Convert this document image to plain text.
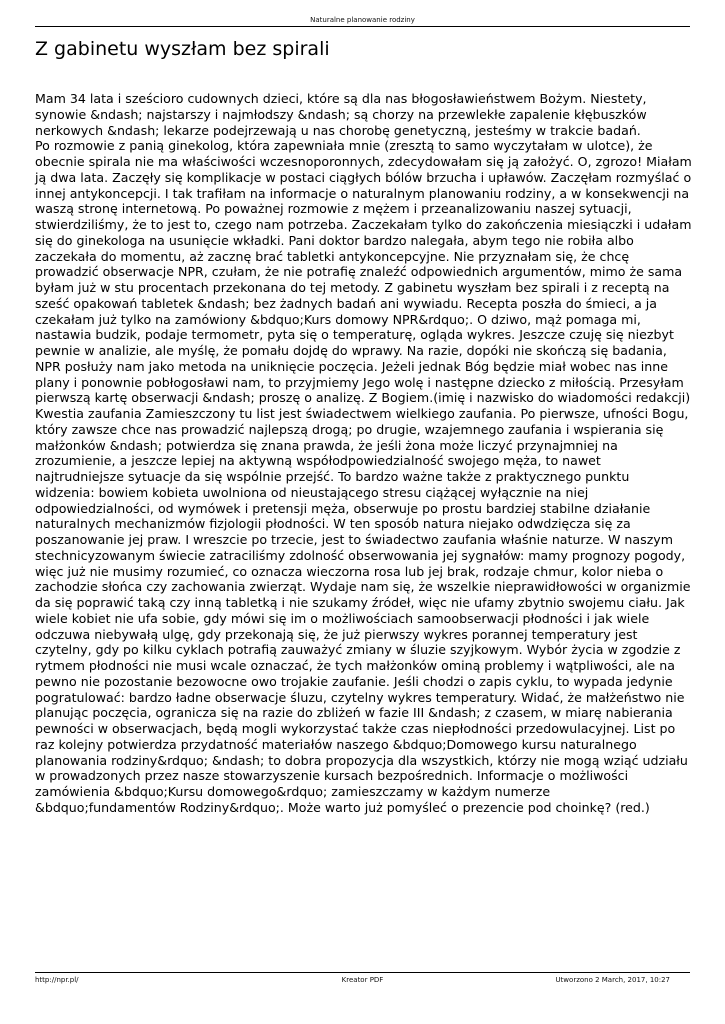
Naturalne planowanie rodziny
Z gabinetu wyszłam bez spirali

Mam 34 lata i sześcioro cudownych dzieci, które są dla nas błogosławieństwem Bożym. Niestety, synowie &ndash; najstarszy i najmłodszy &ndash; są chorzy na przewlekłe zapalenie kłębuszków nerkowych &ndash; lekarze podejrzewają u nas chorobę genetyczną, jesteśmy w trakcie badań.

Po rozmowie z panią ginekolog, która zapewniała mnie (zresztą to samo wyczytałam w ulotce), że obecnie spirala nie ma właściwości wczesnoporonnych, zdecydowałam się ją założyć. O, zgrozo! Miałam ją dwa lata. Zaczęły się komplikacje w postaci ciągłych bólów brzucha i upławów. Zaczęłam rozmyślać o innej antykoncepcji. I tak trafiłam na informacje o naturalnym planowaniu rodziny, a w konsekwencji na waszą stronę internetową. Po poważnej rozmowie z mężem i przeanalizowaniu naszej sytuacji, stwierdziliśmy, że to jest to, czego nam potrzeba. Zaczekałam tylko do zakończenia miesiączki i udałam się do ginekologa na usunięcie wkładki. Pani doktor bardzo nalegała, abym tego nie robiła albo zaczekała do momentu, aż zacznę brać tabletki antykoncepcyjne. Nie przyznałam się, że chcę prowadzić obserwacje NPR, czułam, że nie potrafię znaleźć odpowiednich argumentów, mimo że sama byłam już w stu procentach przekonana do tej metody. Z gabinetu wyszłam bez spirali i z receptą na sześć opakowań tabletek &ndash; bez żadnych badań ani wywiadu. Recepta poszła do śmieci, a ja czekałam już tylko na zamówiony &bdquo;Kurs domowy NPR&rdquo;. O dziwo, mąż pomaga mi, nastawia budzik, podaje termometr, pyta się o temperaturę, ogląda wykres. Jeszcze czuję się niezbyt pewnie w analizie, ale myślę, że pomału dojdę do wprawy. Na razie, dopóki nie skończą się badania, NPR posłuży nam jako metoda na uniknięcie poczęcia. Jeżeli jednak Bóg będzie miał wobec nas inne plany i ponownie pobłogosławi nam, to przyjmiemy Jego wolę i następne dziecko z miłością. Przesyłam pierwszą kartę obserwacji &ndash; proszę o analizę. Z Bogiem.(imię i nazwisko do wiadomości redakcji)

Kwestia zaufania Zamieszczony tu list jest świadectwem wielkiego zaufania. Po pierwsze, ufności Bogu, który zawsze chce nas prowadzić najlepszą drogą; po drugie, wzajemnego zaufania i wspierania się małżonków &ndash; potwierdza się znana prawda, że jeśli żona może liczyć przynajmniej na zrozumienie, a jeszcze lepiej na aktywną współodpowiedzialność swojego męża, to nawet najtrudniejsze sytuacje da się wspólnie przejść. To bardzo ważne także z praktycznego punktu widzenia: bowiem kobieta uwolniona od nieustającego stresu ciążącej wyłącznie na niej odpowiedzialności, od wymówek i pretensji męża, obserwuje po prostu bardziej stabilne działanie naturalnych mechanizmów fizjologii płodności. W ten sposób natura niejako odwdzięcza się za poszanowanie jej praw. I wreszcie po trzecie, jest to świadectwo zaufania właśnie naturze. W naszym stechnicyzowanym świecie zatraciliśmy zdolność obserwowania jej sygnałów: mamy prognozy pogody, więc już nie musimy rozumieć, co oznacza wieczorna rosa lub jej brak, rodzaje chmur, kolor nieba o zachodzie słońca czy zachowania zwierząt. Wydaje nam się, że wszelkie nieprawidłowości w organizmie da się poprawić taką czy inną tabletką i nie szukamy źródeł, więc nie ufamy zbytnio swojemu ciału. Jak wiele kobiet nie ufa sobie, gdy mówi się im o możliwościach samoobserwacji płodności i jak wiele odczuwa niebywałą ulgę, gdy przekonają się, że już pierwszy wykres porannej temperatury jest czytelny, gdy po kilku cyklach potrafią zauważyć zmiany w śluzie szyjkowym. Wybór życia w zgodzie z rytmem płodności nie musi wcale oznaczać, że tych małżonków ominą problemy i wątpliwości, ale na pewno nie pozostanie bezowocne owo trojakie zaufanie. Jeśli chodzi o zapis cyklu, to wypada jedynie pogratulować: bardzo ładne obserwacje śluzu, czytelny wykres temperatury. Widać, że małżeństwo nie planując poczęcia, ogranicza się na razie do zbliżeń w fazie III &ndash; z czasem, w miarę nabierania pewności w obserwacjach, będą mogli wykorzystać także czas niepłodności przedowulacyjnej. List po raz kolejny potwierdza przydatność materiałów naszego &bdquo;Domowego kursu naturalnego planowania rodziny&rdquo; &ndash; to dobra propozycja dla wszystkich, którzy nie mogą wziąć udziału w prowadzonych przez nasze stowarzyszenie kursach bezpośrednich. Informacje o możliwości zamówienia &bdquo;Kursu domowego&rdquo; zamieszczamy w każdym numerze &bdquo;fundamentów Rodziny&rdquo;. Może warto już pomyśleć o prezencie pod choinkę? (red.)

http://npr.pl/	Kreator PDF	Utworzono 2 March, 2017, 10:27
